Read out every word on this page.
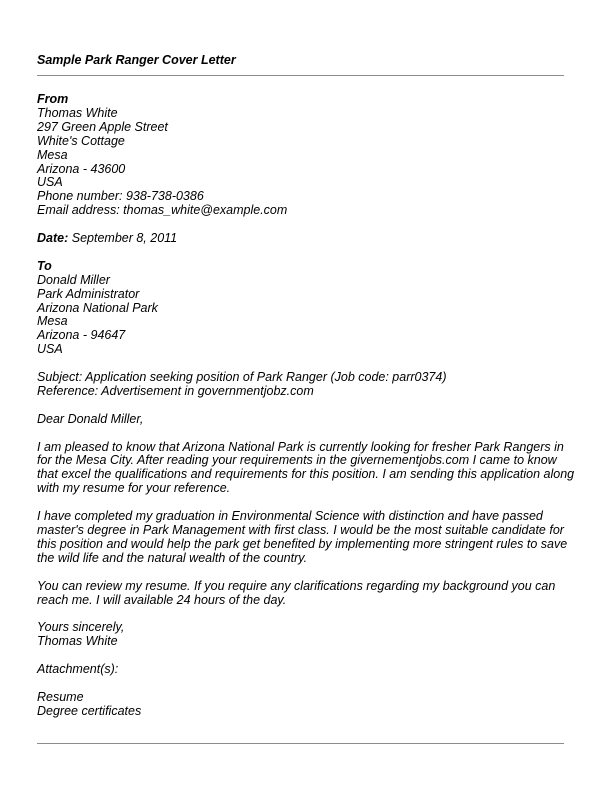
Sample Park Ranger Cover Letter
From
Thomas White
297 Green Apple Street
White's Cottage
Mesa
Arizona - 43600
USA
Phone number: 938-738-0386
Email address: thomas_white@example.com
Date: September 8, 2011
To
Donald Miller
Park Administrator
Arizona National Park
Mesa
Arizona - 94647
USA
Subject: Application seeking position of Park Ranger (Job code: parr0374)
Reference: Advertisement in governmentjobz.com
Dear Donald Miller,
I am pleased to know that Arizona National Park is currently looking for fresher Park Rangers in
for the Mesa City. After reading your requirements in the givernementjobs.com I came to know
that excel the qualifications and requirements for this position. I am sending this application along
with my resume for your reference.
I have completed my graduation in Environmental Science with distinction and have passed
master's degree in Park Management with first class. I would be the most suitable candidate for
this position and would help the park get benefited by implementing more stringent rules to save
the wild life and the natural wealth of the country.
You can review my resume. If you require any clarifications regarding my background you can
reach me. I will available 24 hours of the day.
Yours sincerely,
Thomas White
Attachment(s):
Resume
Degree certificates
